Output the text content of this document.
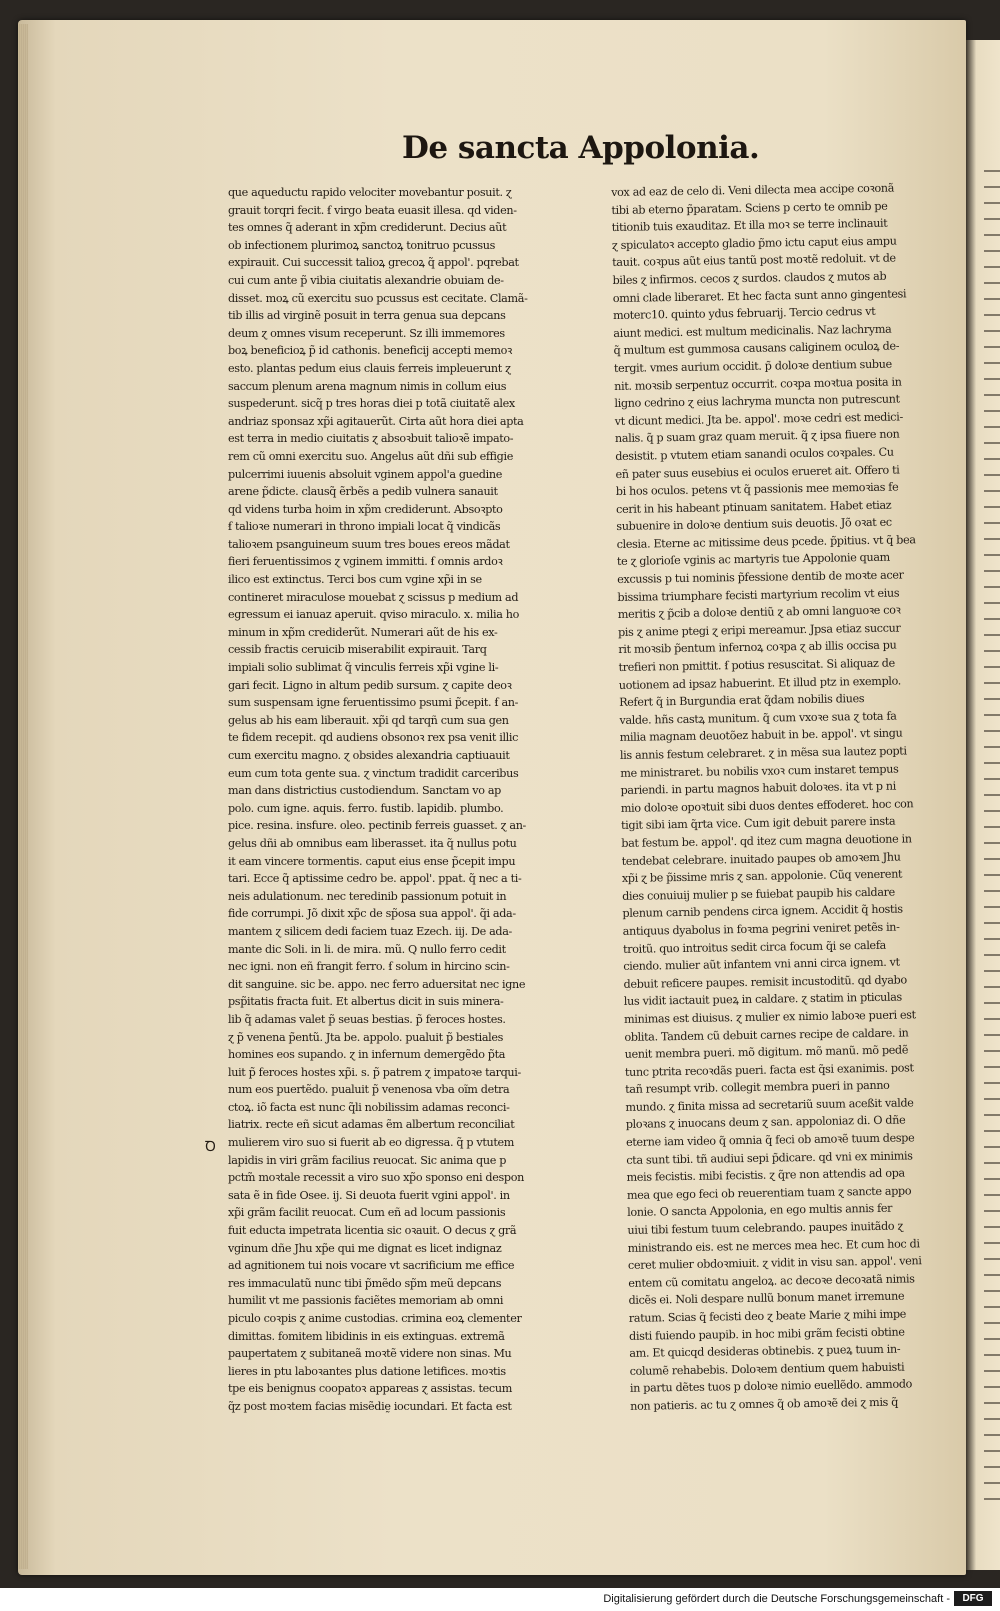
De sancta Appolonia.
que aqueductu rapido velociter movebantur posuit. ɀ
grauit torqri fecit. ẜ virgo beata euasit illesa. qd viden-
tes omnes q̃ aderant in xp̃m crediderunt. Decius aũt
ob infectionem plurimoꝝ sanctoꝝ tonitruo pcussus
expirauit. Cui successit talioꝝ grecoꝝ q̃ appol'. pqrebat
cui cum ante p̃ vibia ciuitatis alexandrie obuiam de-
disset. moꝝ cũ exercitu suo pcussus est cecitate. Clamã-
tib illis ad virginẽ posuit in terra genua sua depcans
deum ɀ omnes visum receperunt. Sz illi immemores
boꝝ beneficioꝝ p̃ id cathonis. beneficij accepti memoꝛ
esto. plantas pedum eius clauis ferreis impleuerunt ɀ
saccum plenum arena magnum nimis in collum eius
suspederunt. sicq̃ p tres horas diei p totã ciuitatẽ alex
andriaz sponsaz xp̃i agitauerũt. Cirta aũt hora diei apta
est terra in medio ciuitatis ɀ absoꝛbuit talioꝛẽ impato-
rem cũ omni exercitu suo. Angelus aũt dñi sub effigie
pulcerrimi iuuenis absoluit vginem appol'a guedine
arene p̃dicte. clausq̃ ẽrbẽs a pedib vulnera sanauit
qd videns turba hoim in xp̃m crediderunt. Absoꝛpto
ẜ talioꝛe numerari in throno impiali locat q̃ vindicãs
talioꝛem psanguineum suum tres boues ereos mãdat
fieri feruentissimos ɀ vginem immitti. ẜ omnis ardoꝛ
ilico est extinctus. Terci bos cum vgine xp̃i in se
contineret miraculose mouebat ɀ scissus p medium ad
egressum ei ianuaz aperuit. qviso miraculo. x. milia ho
minum in xp̃m crediderũt. Numerari aũt de his ex-
cessib fractis ceruicib miserabilit expirauit. Tarq
impiali solio sublimat q̃ vinculis ferreis xp̃i vgine li-
gari fecit. Ligno in altum pedib sursum. ɀ capite deoꝛ
sum suspensam igne feruentissimo psumi p̃cepit. ẜ an-
gelus ab his eam liberauit. xp̃i qd tarqñ cum sua gen
te fidem recepit. qd audiens obsonoꝛ rex psa venit illic
cum exercitu magno. ɀ obsides alexandria captiuauit
eum cum tota gente sua. ɀ vinctum tradidit carceribus
man dans districtius custodiendum. Sanctam vo ap
polo. cum igne. aquis. ferro. fustib. lapidib. plumbo.
pice. resina. insfure. oleo. pectinib ferreis guasset. ɀ an-
gelus dñi ab omnibus eam liberasset. ita q̃ nullus potu
it eam vincere tormentis. caput eius ense p̃cepit impu
tari. Ecce q̃ aptissime cedro be. appol'. ppat. q̃ nec a ti-
neis adulationum. nec teredinib passionum potuit in
fide corrumpi. Jõ dixit xp̃c de sp̃osa sua appol'. q̃i ada-
mantem ɀ silicem dedi faciem tuaz Ezech. iij. De ada-
mante dic Soli. in li. de mira. mũ. Q nullo ferro cedit
nec igni. non eñ frangit ferro. ẜ solum in hircino scin-
dit sanguine. sic be. appo. nec ferro aduersitat nec igne
psp̃itatis fracta fuit. Et albertus dicit in suis minera-
lib q̃ adamas valet p̃ seuas bestias. p̃ feroces hostes.
ɀ p̃ venena p̃entũ. Jta be. appolo. pualuit p̃ bestiales
homines eos supando. ɀ in infernum demergẽdo p̃ta
luit p̃ feroces hostes xp̃i. s. p̃ patrem ɀ impatoꝛe tarqui-
num eos puertẽdo. pualuit p̃ venenosa vba oĩm detra
ctoꝝ. iõ facta est nunc q̃li nobilissim adamas reconci-
liatrix. recte eñ sicut adamas ẽm albertum reconciliat
mulierem viro suo si fuerit ab eo digressa. q̃ p vtutem
lapidis in viri grãm facilius reuocat. Sic anima que p
pctm̃ moꝛtale recessit a viro suo xp̃o sponso eni despon
sata ẽ in fide Osee. ij. Si deuota fuerit vgini appol'. in
xp̃i grãm facilit reuocat. Cum eñ ad locum passionis
fuit educta impetrata licentia sic oꝛauit. O decus ɀ grã
vginum dñe Jhu xp̃e qui me dignat es licet indignaz
ad agnitionem tui nois vocare vt sacrificium me effice
res immaculatũ nunc tibi p̃mẽdo sp̃m meũ depcans
humilit vt me passionis faciẽtes memoriam ab omni
piculo coꝛpis ɀ anime custodias. crimina eoꝝ clementer
dimittas. fomitem libidinis in eis extinguas. extremã
paupertatem ɀ subitaneã moꝛtẽ videre non sinas. Mu
lieres in ptu laboꝛantes plus datione letifices. moꝛtis
tpe eis benignus coopatoꝛ appareas ɀ assistas. tecum
q̃z post moꝛtem facias misẽdiḛ iocundari. Et facta est
vox ad eaz de celo di. Veni dilecta mea accipe coꝛonã
tibi ab eterno p̃paratam. Sciens p certo te omnib pe
titionib tuis exauditaz. Et illa moꝛ se terre inclinauit
ɀ spiculatoꝛ accepto gladio p̃mo ictu caput eius ampu
tauit. coꝛpus aũt eius tantũ post moꝛtẽ redoluit. vt de
biles ɀ infirmos. cecos ɀ surdos. claudos ɀ mutos ab
omni clade liberaret. Et hec facta sunt anno gingentesi
moterc10. quinto ydus februarij. Tercio cedrus vt
aiunt medici. est multum medicinalis. Naz lachryma
q̃ multum est gummosa causans caliginem oculoꝝ de-
tergit. vmes aurium occidit. p̃ doloꝛe dentium subue
nit. moꝛsib serpentuz occurrit. coꝛpa moꝛtua posita in
ligno cedrino ɀ eius lachryma muncta non putrescunt
vt dicunt medici. Jta be. appol'. moꝛe cedri est medici-
nalis. q̃ p suam graz quam meruit. q̃ ɀ ipsa fiuere non
desistit. p vtutem etiam sanandi oculos coꝛpales. Cu
eñ pater suus eusebius ei oculos erueret ait. Offero ti
bi hos oculos. petens vt q̃ passionis mee memoꝛias fe
cerit in his habeant ptinuam sanitatem. Habet etiaz
subuenire in doloꝛe dentium suis deuotis. Jõ oꝛat ec
clesia. Eterne ac mitissime deus pcede. p̃pitius. vt q̃ bea
te ɀ glorioſe vginis ac martyris tue Appolonie quam
excussis p tui nominis p̃fessione dentib de moꝛte acer
bissima triumphare fecisti martyrium recolim vt eius
meritis ɀ p̃cib a doloꝛe dentiũ ɀ ab omni languoꝛe coꝛ
pis ɀ anime ptegi ɀ eripi mereamur. Jpsa etiaz succur
rit moꝛsib p̃entum infernoꝝ coꝛpa ɀ ab illis occisa pu
trefieri non pmittit. ẜ potius resuscitat. Si aliquaz de
uotionem ad ipsaz habuerint. Et illud ptz in exemplo.
Refert q̃ in Burgundia erat q̃dam nobilis diues
valde. hñs castꝝ munitum. q̃ cum vxoꝛe sua ɀ tota fa
milia magnam deuotõez habuit in be. appol'. vt singu
lis annis festum celebraret. ɀ in mẽsa sua lautez popti
me ministraret. bu nobilis vxoꝛ cum instaret tempus
pariendi. in partu magnos habuit doloꝛes. ita vt p ni
mio doloꝛe opoꝛtuit sibi duos dentes effoderet. hoc con
tigit sibi iam q̃rta vice. Cum igit debuit parere insta
bat festum be. appol'. qd itez cum magna deuotione in
tendebat celebrare. inuitado paupes ob amoꝛem Jhu
xp̃i ɀ be p̃issime mris ɀ san. appolonie. Cũq venerent
dies conuiuij mulier p se fuiebat paupib his caldare
plenum carnib pendens circa ignem. Accidit q̃ hostis
antiquus dyabolus in foꝛma pegrini veniret petẽs in-
troitũ. quo introitus sedit circa focum q̃i se calefa
ciendo. mulier aũt infantem vni anni circa ignem. vt
debuit reficere paupes. remisit incustoditũ. qd dyabo
lus vidit iactauit pueꝝ in caldare. ɀ statim in pticulas
minimas est diuisus. ɀ mulier ex nimio laboꝛe pueri est
oblita. Tandem cũ debuit carnes recipe de caldare. in
uenit membra pueri. mõ digitum. mõ manũ. mõ pedẽ
tunc ptrita recoꝛdãs pueri. facta est q̃si exanimis. post
tañ resumpt vrib. collegit membra pueri in panno
mundo. ɀ finita missa ad secretariũ suum aceßit valde
ploꝛans ɀ inuocans deum ɀ san. appoloniaz di. O dñe
eterne iam video q̃ omnia q̃ feci ob amoꝛẽ tuum despe
cta sunt tibi. tñ audiui sepi p̃dicare. qd vni ex minimis
meis fecistis. mibi fecistis. ɀ q̃re non attendis ad opa
mea que ego feci ob reuerentiam tuam ɀ sancte appo
lonie. O sancta Appolonia, en ego multis annis fer
uiui tibi festum tuum celebrando. paupes inuitãdo ɀ
ministrando eis. est ne merces mea hec. Et cum hoc di
ceret mulier obdoꝛmiuit. ɀ vidit in visu san. appol'. veni
entem cũ comitatu angeloꝝ. ac decoꝛe decoꝛatã nimis
dicẽs ei. Noli despare nullũ bonum manet irremune
ratum. Scias q̃ fecisti deo ɀ beate Marie ɀ mihi impe
disti fuiendo paupib. in hoc mibi grãm fecisti obtine
am. Et quicqd desideras obtinebis. ɀ pueꝝ tuum in-
columẽ rehabebis. Doloꝛem dentium quem habuisti
in partu dẽtes tuos p doloꝛe nimio euellẽdo. ammodo
non patieris. ac tu ɀ omnes q̃ ob amoꝛẽ dei ɀ mis q̃
Ꝺ
Digitalisierung gefördert durch die Deutsche Forschungsgemeinschaft -	DFG
